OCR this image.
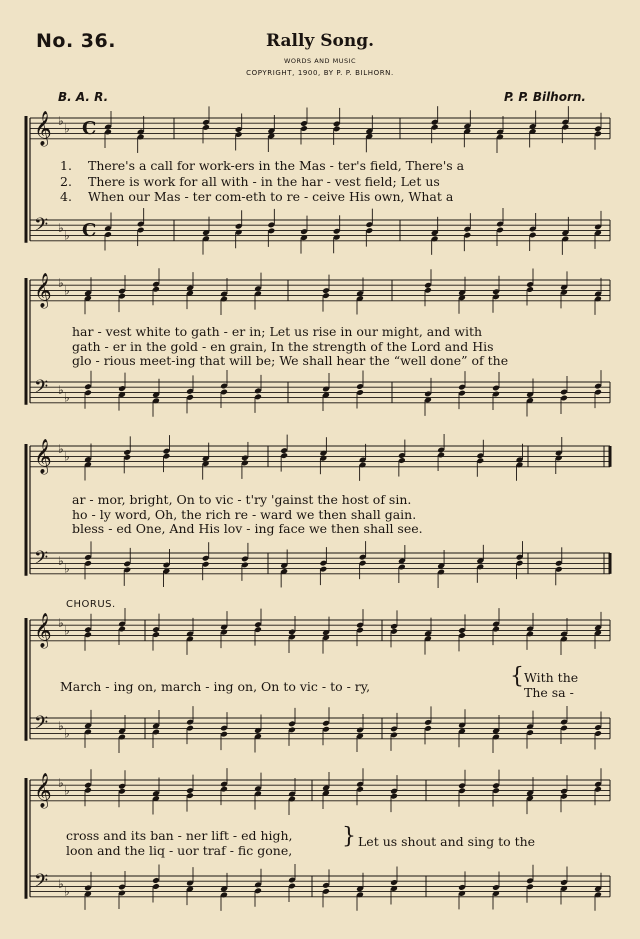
𝄞
𝄢
♭
♭
♭
♭
C
C
𝄞
𝄢
♭
♭
♭
♭
𝄞
𝄢
♭
♭
♭
♭
𝄞
𝄢
♭
♭
♭
♭
𝄞
𝄢
♭
♭
♭
♭
No. 36.	Rally Song.
WORDS AND MUSIC
COPYRIGHT, 1900, BY P. P. BILHORN.
B. A. R.	P. P. Bilhorn.
1. There's a call for work-ers in the Mas - ter's field, There's a
2. There is work for all with - in the har - vest field; Let us
4. When our Mas - ter com-eth to re - ceive His own, What a
har - vest white to gath - er in; Let us rise in our might, and with
gath - er in the gold - en grain, In the strength of the Lord and His
glo - rious meet-ing that will be; We shall hear the “well done” of the
ar - mor, bright, On to vic - t'ry 'gainst the host of sin.
ho - ly word, Oh, the rich re - ward we then shall gain.
bless - ed One, And His lov - ing face we then shall see.
CHORUS.
March - ing on, march - ing on, On to vic - to - ry,	{ With the
The sa -
cross and its ban - ner lift - ed high,
loon and the liq - uor traf - fic gone,
} Let us shout and sing to the
